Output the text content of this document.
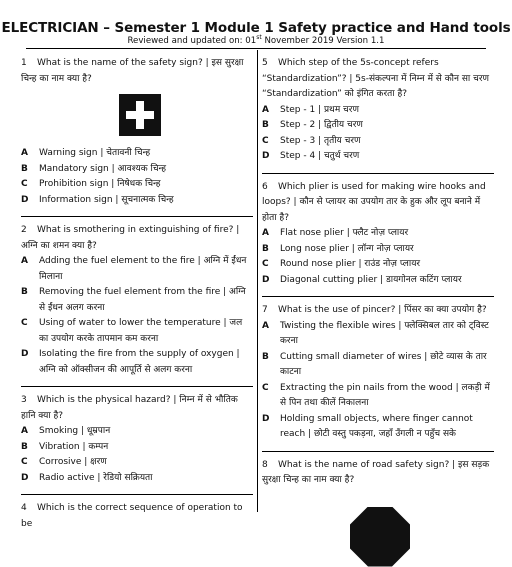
ELECTRICIAN – Semester 1 Module 1 Safety practice and Hand tools
Reviewed and updated on: 01st November 2019 Version 1.1
1 What is the name of the safety sign? | इस सुरक्षा चिन्ह का नाम क्या है?
A	Warning sign | चेतावनी चिन्ह
B	Mandatory sign | आवश्यक चिन्ह
C	Prohibition sign | निषेधक चिन्ह
D	Information sign | सूचनात्मक चिन्ह
2 What is smothering in extinguishing of fire? | अग्नि का शमन क्या है?
A	Adding the fuel element to the fire | अग्नि में ईंधन मिलाना
B	Removing the fuel element from the fire | अग्नि से ईंधन अलग करना
C	Using of water to lower the temperature | जल का उपयोग करके तापमान कम करना
D	Isolating the fire from the supply of oxygen | अग्नि को ऑक्सीजन की आपूर्ति से अलग करना
3 Which is the physical hazard? | निम्न में से भौतिक हानि क्या है?
A	Smoking | धूम्रपान
B	Vibration | कम्पन
C	Corrosive | क्षरण
D	Radio active | रेडियो सक्रियता
4 Which is the correct sequence of operation to be
5 Which step of the 5s-concept refers “Standardization”? | 5s-संकल्पना में निम्न में से कौन सा चरण “Standardization” को इंगित करता है?
A	Step - 1 | प्रथम चरण
B	Step - 2 | द्वितीय चरण
C	Step - 3 | तृतीय चरण
D	Step - 4 | चतुर्थ चरण
6 Which plier is used for making wire hooks and loops? | कौन से प्लायर का उपयोग तार के हुक और लूप बनाने में होता है?
A	Flat nose plier | फ्लैट नोज़ प्लायर
B	Long nose plier | लॉन्ग नोज़ प्लायर
C	Round nose plier | राउंड नोज़ प्लायर
D	Diagonal cutting plier | डायगोनल कटिंग प्लायर
7 What is the use of pincer? | पिंसर का क्या उपयोग है?
A	Twisting the flexible wires | फ्लेक्सिबल तार को ट्विस्ट करना
B	Cutting small diameter of wires | छोटे व्यास के तार काटना
C	Extracting the pin nails from the wood | लकड़ी में से पिन तथा कीलें निकालना
D	Holding small objects, where finger cannot reach | छोटी वस्तु पकड़ना, जहाँ उँगली न पहुँच सके
8 What is the name of road safety sign? | इस सड़क सुरक्षा चिन्ह का नाम क्या है?
